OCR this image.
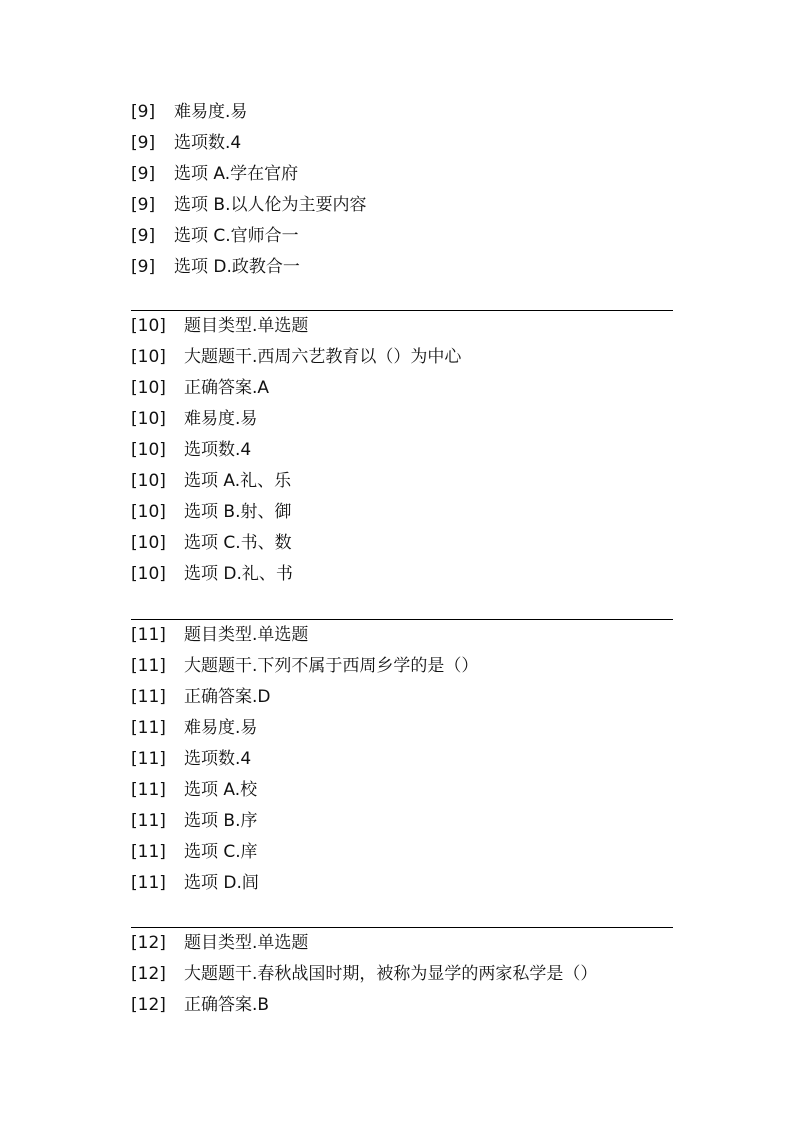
[9] 难易度.易
[9] 选项数.4
[9] 选项 A.学在官府
[9] 选项 B.以人伦为主要内容
[9] 选项 C.官师合一
[9] 选项 D.政教合一
[10] 题目类型.单选题
[10] 大题题干.西周六艺教育以（）为中心
[10] 正确答案.A
[10] 难易度.易
[10] 选项数.4
[10] 选项 A.礼、乐
[10] 选项 B.射、御
[10] 选项 C.书、数
[10] 选项 D.礼、书
[11] 题目类型.单选题
[11] 大题题干.下列不属于西周乡学的是（）
[11] 正确答案.D
[11] 难易度.易
[11] 选项数.4
[11] 选项 A.校
[11] 选项 B.序
[11] 选项 C.庠
[11] 选项 D.闾
[12] 题目类型.单选题
[12] 大题题干.春秋战国时期，被称为显学的两家私学是（）
[12] 正确答案.B
